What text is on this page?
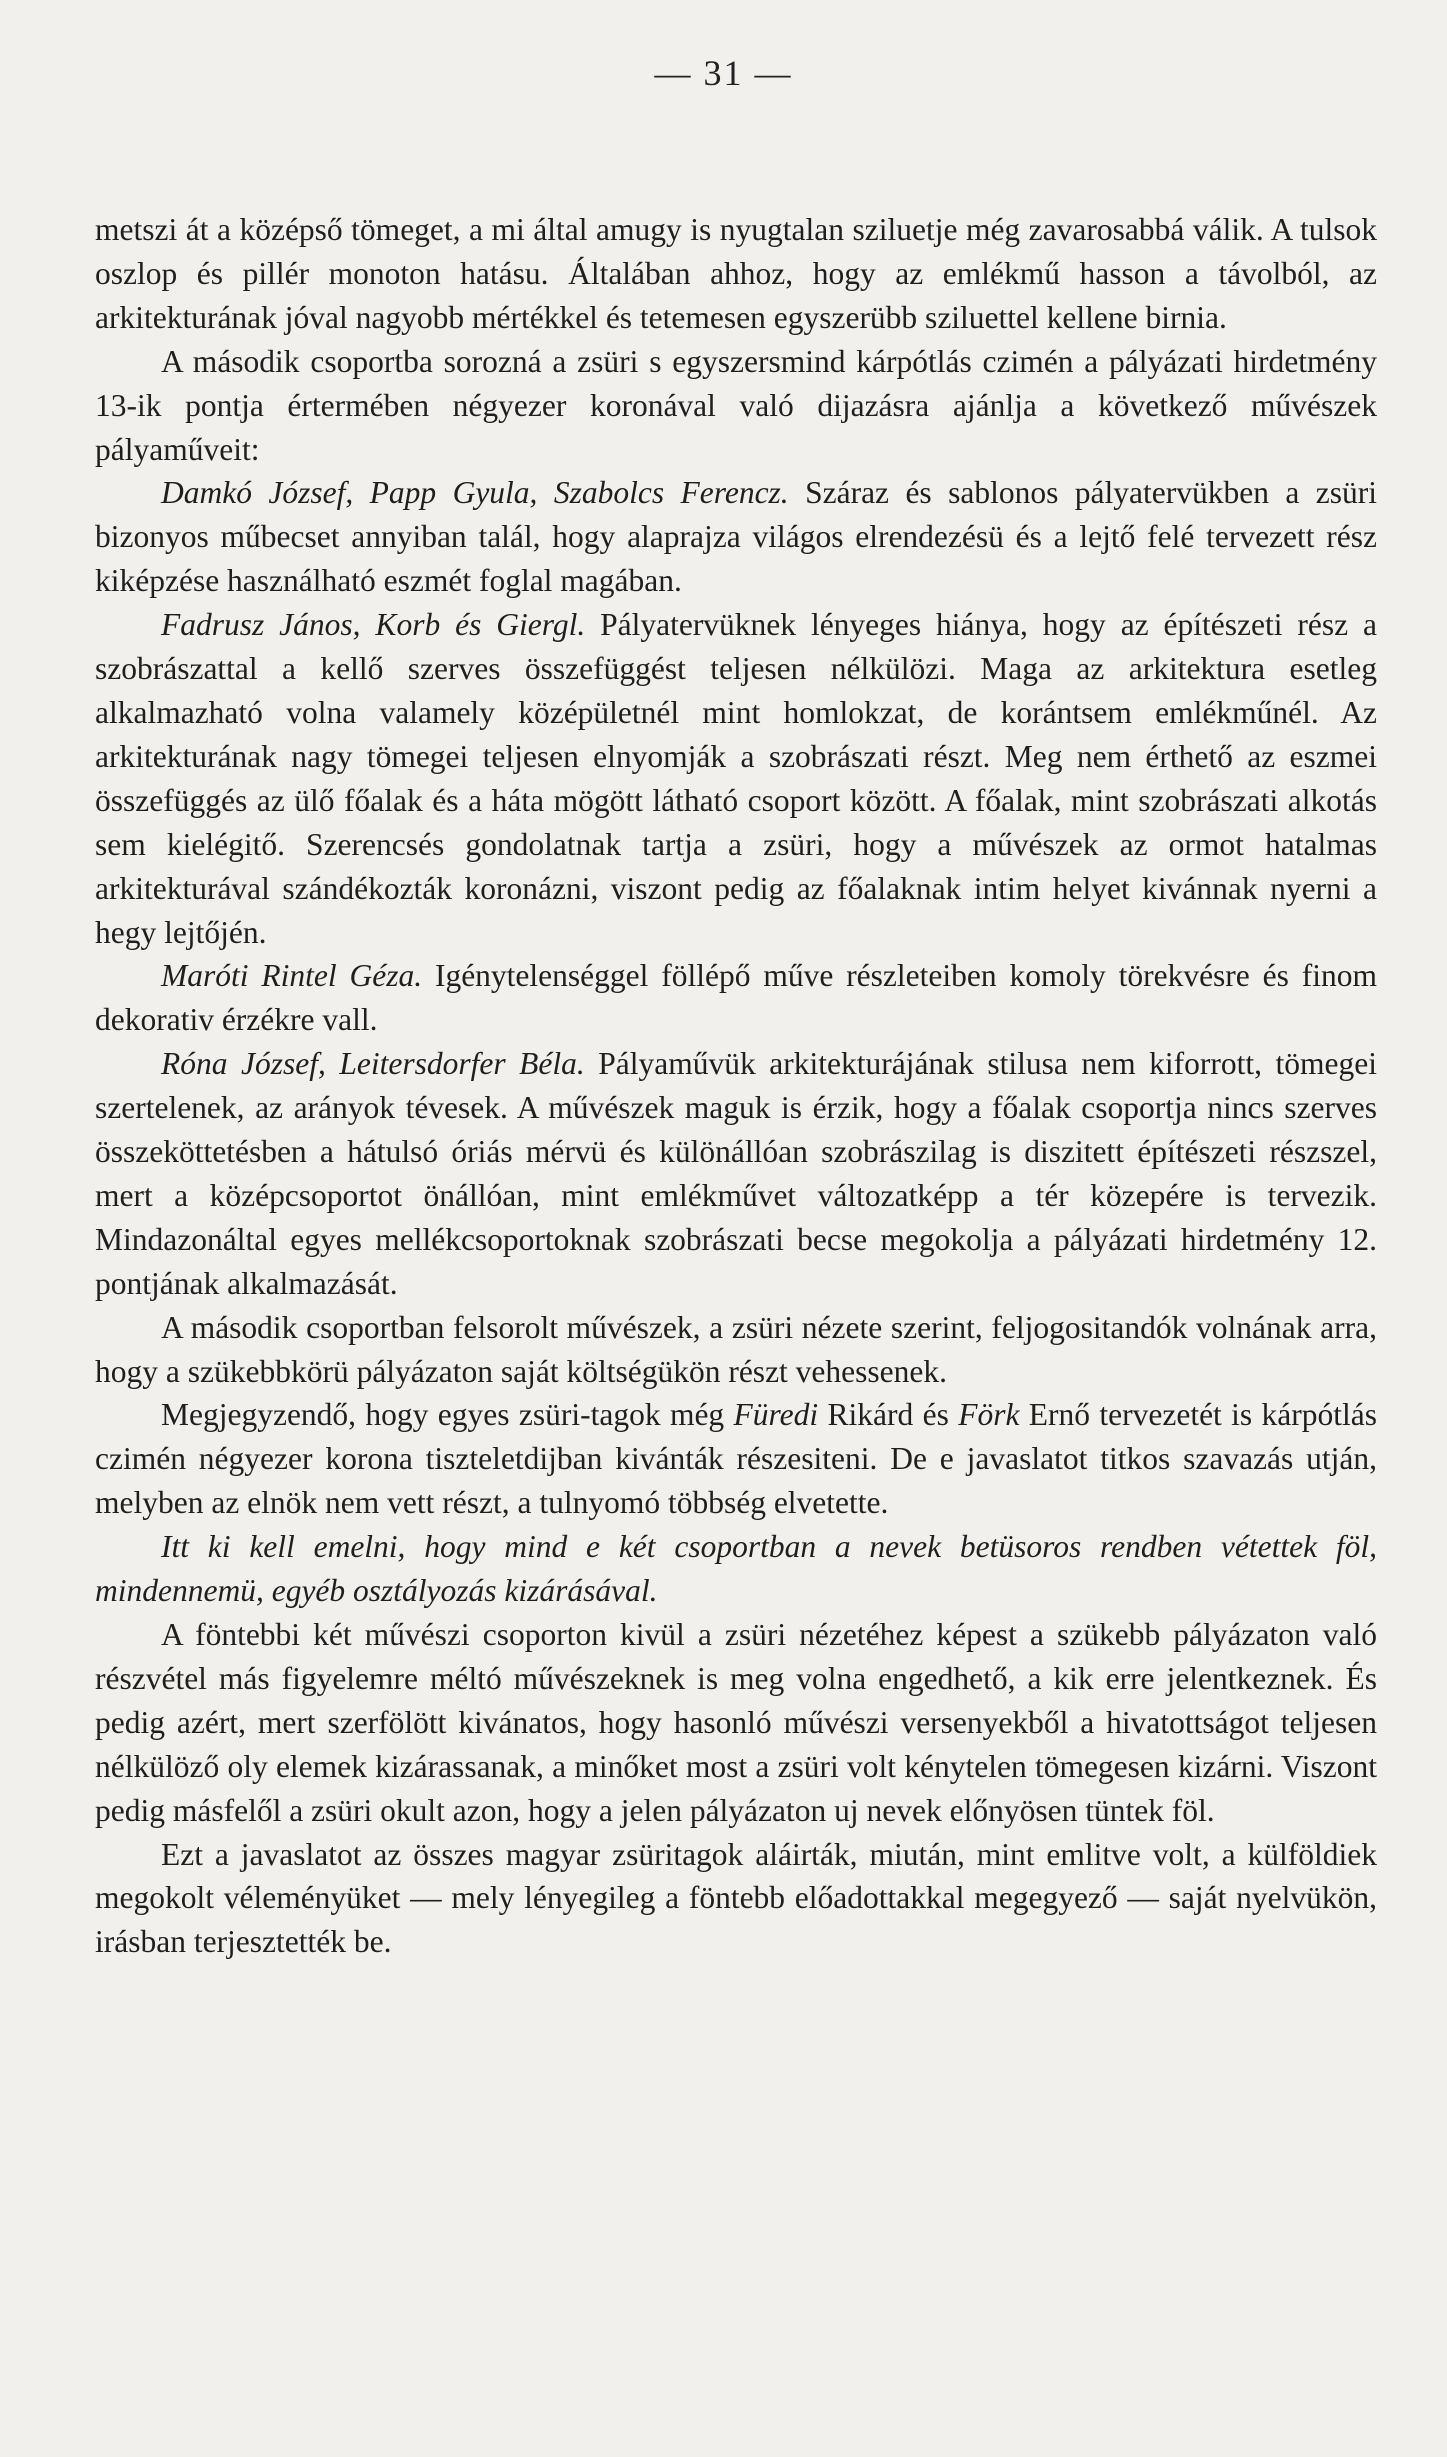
— 31 —

metszi át a középső tömeget, a mi által amugy is nyugtalan sziluetje még zavarosabbá válik. A tulsok oszlop és pillér monoton hatásu. Általában ahhoz, hogy az emlékmű hasson a távolból, az arkitekturának jóval nagyobb mértékkel és tetemesen egyszerübb sziluettel kellene birnia.

A második csoportba sorozná a zsüri s egyszersmind kárpótlás czimén a pályázati hirdetmény 13-ik pontja értermében négyezer koronával való dijazásra ajánlja a következő művészek pályaműveit:

Damkó József, Papp Gyula, Szabolcs Ferencz. Száraz és sablonos pályatervükben a zsüri bizonyos műbecset annyiban talál, hogy alaprajza világos elrendezésü és a lejtő felé tervezett rész kiképzése használható eszmét foglal magában.

Fadrusz János, Korb és Giergl. Pályatervüknek lényeges hiánya, hogy az építészeti rész a szobrászattal a kellő szerves összefüggést teljesen nélkülözi. Maga az arkitektura esetleg alkalmazható volna valamely középületnél mint homlokzat, de korántsem emlékműnél. Az arkitekturának nagy tömegei teljesen elnyomják a szobrászati részt. Meg nem érthető az eszmei összefüggés az ülő főalak és a háta mögött látható csoport között. A főalak, mint szobrászati alkotás sem kielégitő. Szerencsés gondolatnak tartja a zsüri, hogy a művészek az ormot hatalmas arkitekturával szándékozták koronázni, viszont pedig az főalaknak intim helyet kivánnak nyerni a hegy lejtőjén.

Maróti Rintel Géza. Igénytelenséggel föllépő műve részleteiben komoly törekvésre és finom dekorativ érzékre vall.

Róna József, Leitersdorfer Béla. Pályaművük arkitekturájának stilusa nem kiforrott, tömegei szertelenek, az arányok tévesek. A művészek maguk is érzik, hogy a főalak csoportja nincs szerves összeköttetésben a hátulsó óriás mérvü és különállóan szobrászilag is diszitett építészeti részszel, mert a középcsoportot önállóan, mint emlékművet változatképp a tér közepére is tervezik. Mindazonáltal egyes mellékcsoportoknak szobrászati becse megokolja a pályázati hirdetmény 12. pontjának alkalmazását.

A második csoportban felsorolt művészek, a zsüri nézete szerint, feljogositandók volnának arra, hogy a szükebbkörü pályázaton saját költségükön részt vehessenek.

Megjegyzendő, hogy egyes zsüri-tagok még Füredi Rikárd és Förk Ernő tervezetét is kárpótlás czimén négyezer korona tiszteletdijban kivánták részesiteni. De e javaslatot titkos szavazás utján, melyben az elnök nem vett részt, a tulnyomó többség elvetette.

Itt ki kell emelni, hogy mind e két csoportban a nevek betüsoros rendben vétettek föl, mindennemü, egyéb osztályozás kizárásával.

A föntebbi két művészi csoporton kivül a zsüri nézetéhez képest a szükebb pályázaton való részvétel más figyelemre méltó művészeknek is meg volna engedhető, a kik erre jelentkeznek. És pedig azért, mert szerfölött kivánatos, hogy hasonló művészi versenyekből a hivatottságot teljesen nélkülöző oly elemek kizárassanak, a minőket most a zsüri volt kénytelen tömegesen kizárni. Viszont pedig másfelől a zsüri okult azon, hogy a jelen pályázaton uj nevek előnyösen tüntek föl.

Ezt a javaslatot az összes magyar zsüritagok aláirták, miután, mint emlitve volt, a külföldiek megokolt véleményüket — mely lényegileg a föntebb előadottakkal megegyező — saját nyelvükön, irásban terjesztették be.
